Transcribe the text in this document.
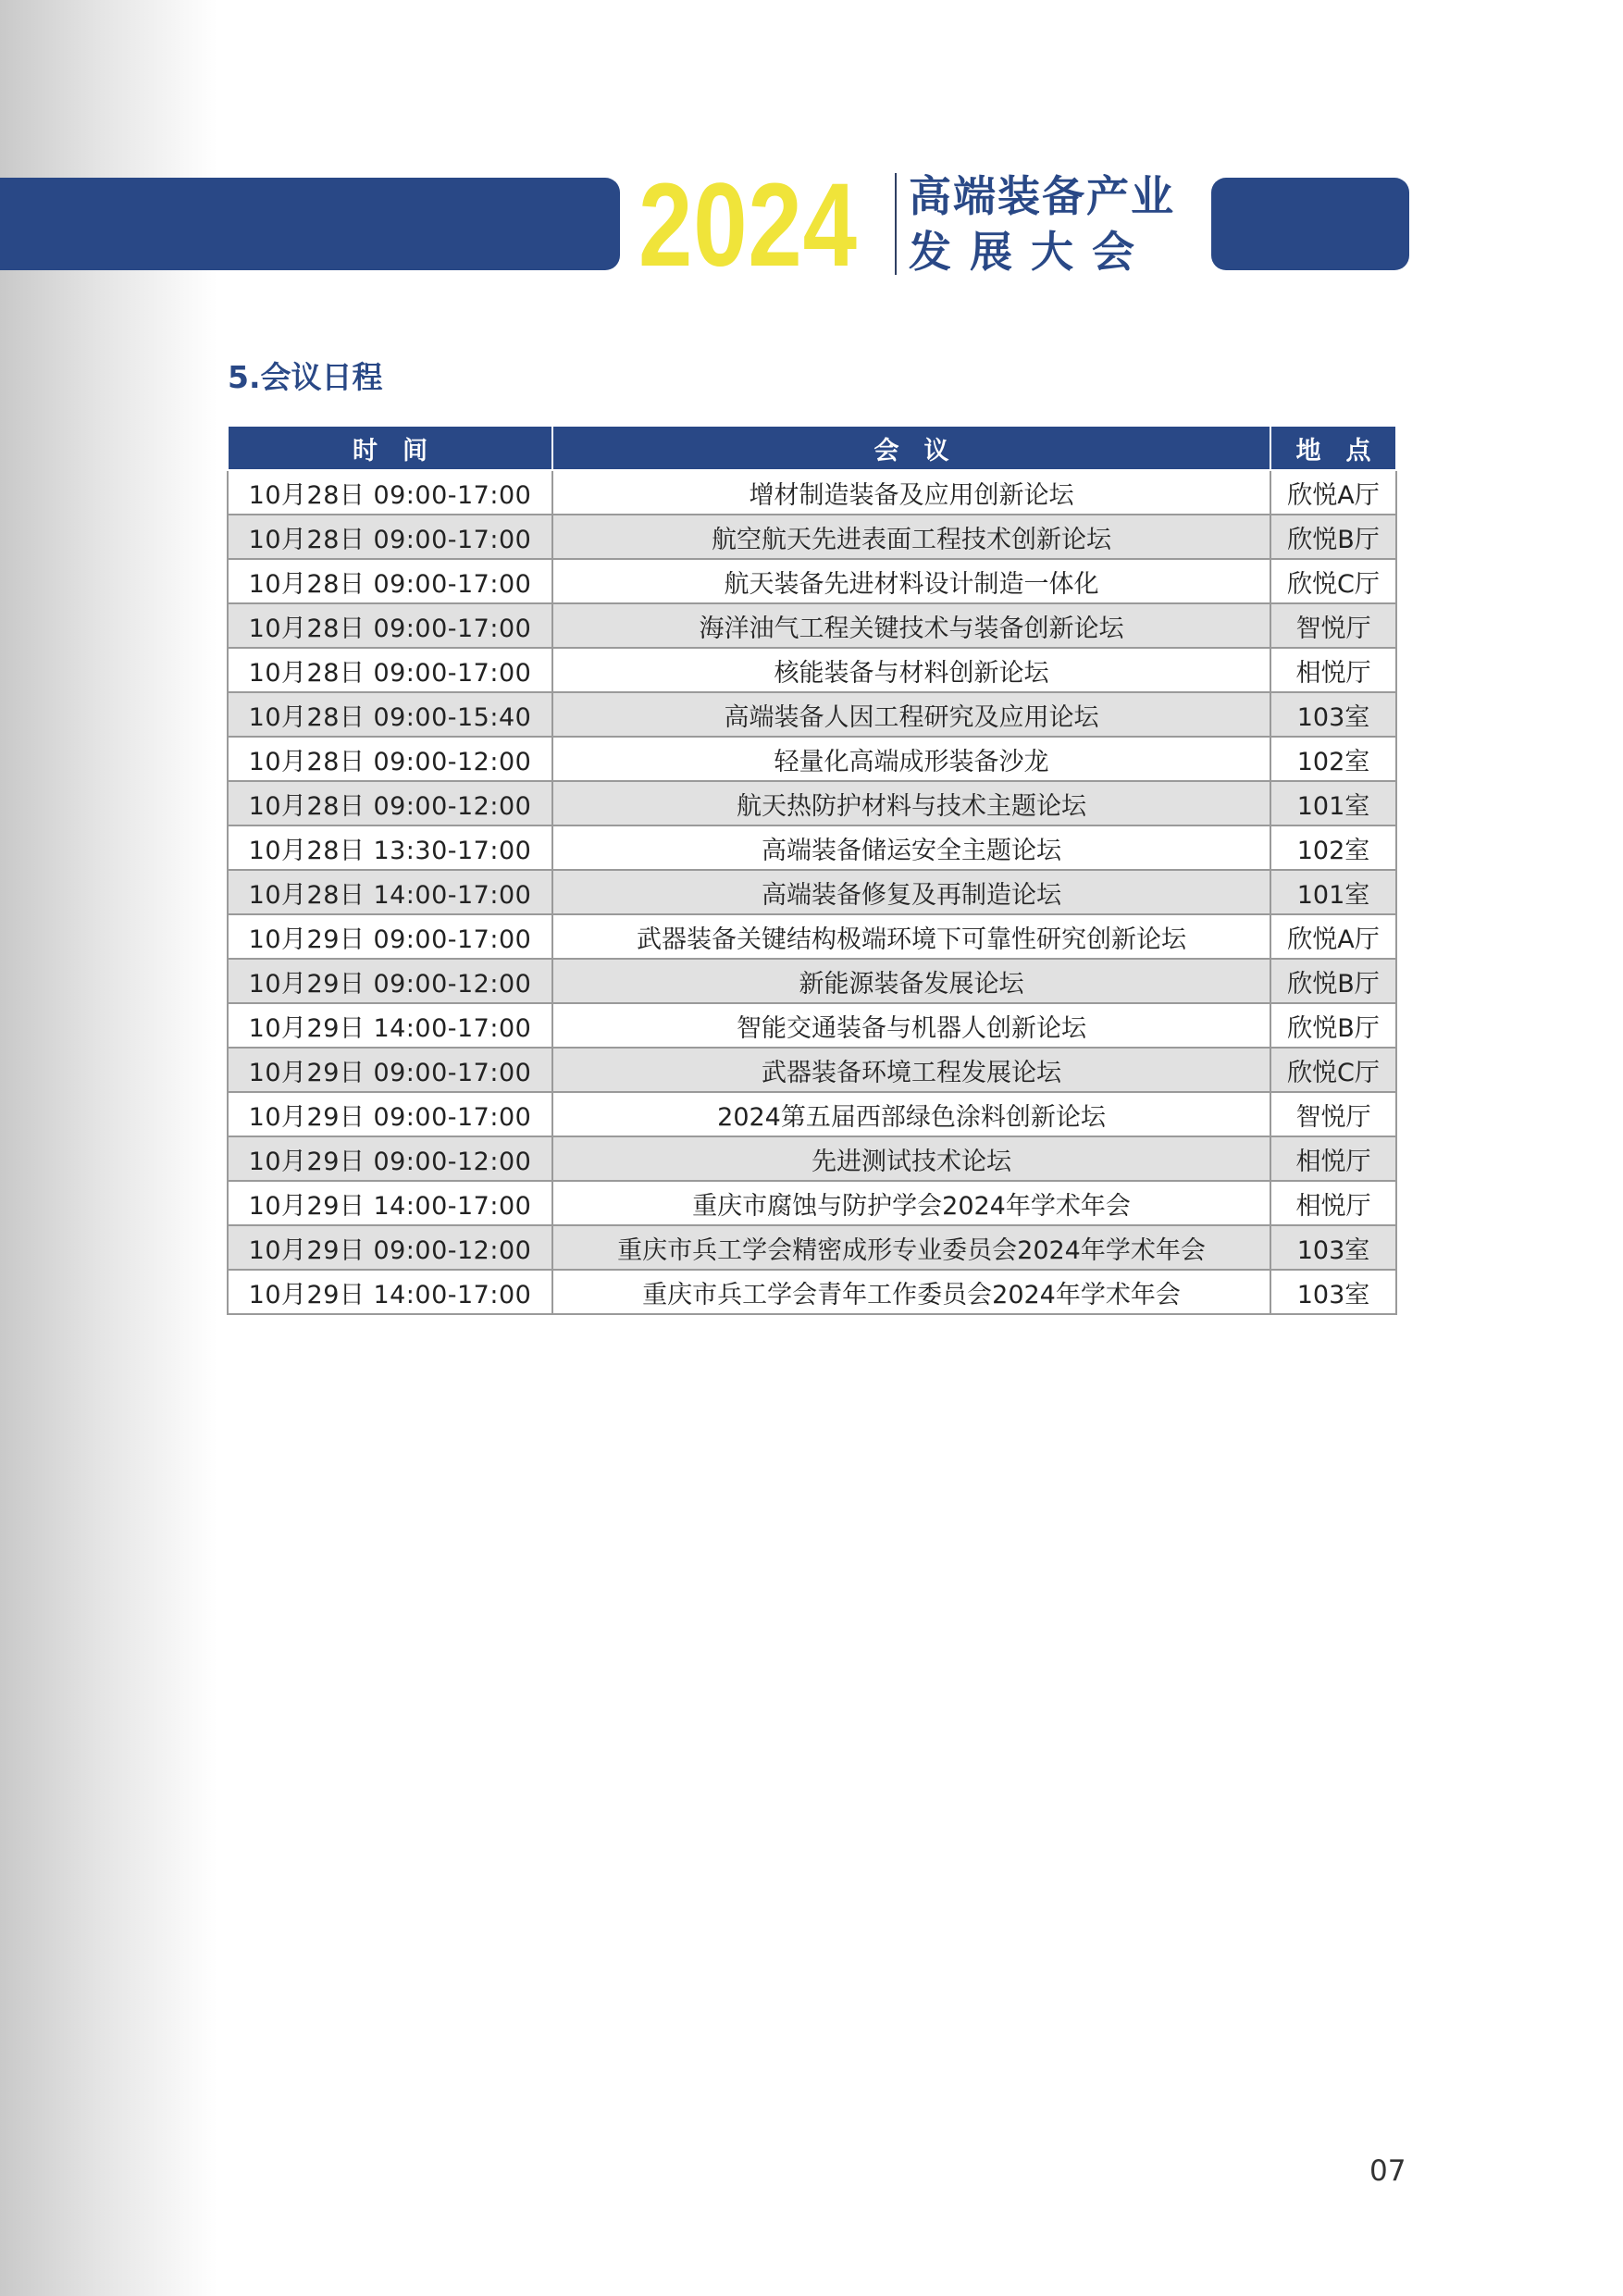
2024 高端装备产业
发展大会
5.会议日程
时　间	会　议	地　点
10月28日 09:00-17:00	增材制造装备及应用创新论坛	欣悦A厅
10月28日 09:00-17:00	航空航天先进表面工程技术创新论坛	欣悦B厅
10月28日 09:00-17:00	航天装备先进材料设计制造一体化	欣悦C厅
10月28日 09:00-17:00	海洋油气工程关键技术与装备创新论坛	智悦厅
10月28日 09:00-17:00	核能装备与材料创新论坛	相悦厅
10月28日 09:00-15:40	高端装备人因工程研究及应用论坛	103室
10月28日 09:00-12:00	轻量化高端成形装备沙龙	102室
10月28日 09:00-12:00	航天热防护材料与技术主题论坛	101室
10月28日 13:30-17:00	高端装备储运安全主题论坛	102室
10月28日 14:00-17:00	高端装备修复及再制造论坛	101室
10月29日 09:00-17:00	武器装备关键结构极端环境下可靠性研究创新论坛	欣悦A厅
10月29日 09:00-12:00	新能源装备发展论坛	欣悦B厅
10月29日 14:00-17:00	智能交通装备与机器人创新论坛	欣悦B厅
10月29日 09:00-17:00	武器装备环境工程发展论坛	欣悦C厅
10月29日 09:00-17:00	2024第五届西部绿色涂料创新论坛	智悦厅
10月29日 09:00-12:00	先进测试技术论坛	相悦厅
10月29日 14:00-17:00	重庆市腐蚀与防护学会2024年学术年会	相悦厅
10月29日 09:00-12:00	重庆市兵工学会精密成形专业委员会2024年学术年会	103室
10月29日 14:00-17:00	重庆市兵工学会青年工作委员会2024年学术年会	103室
07
